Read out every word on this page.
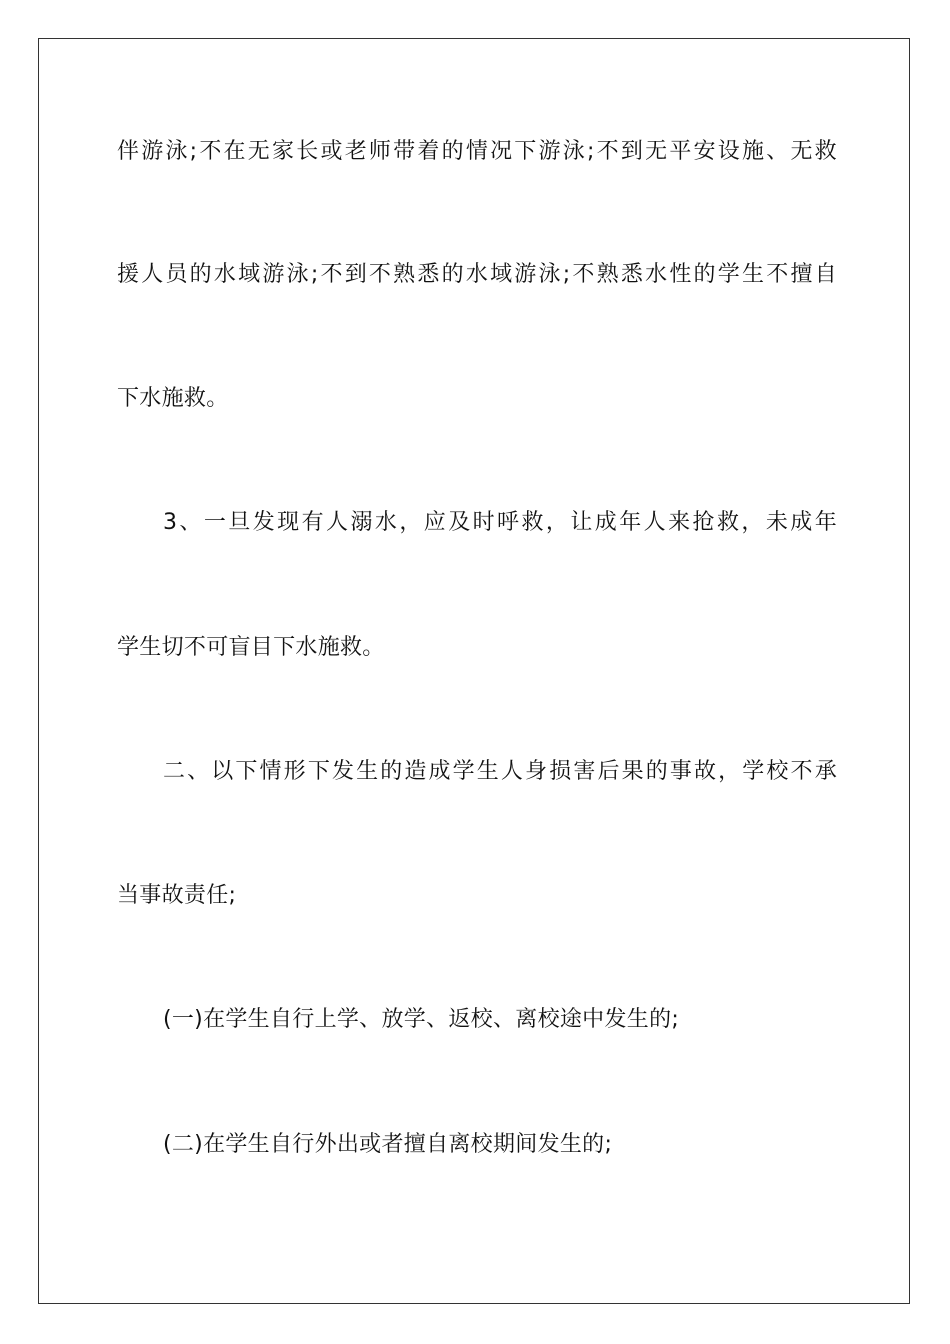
伴游泳;不在无家长或老师带着的情况下游泳;不到无平安设施、无救
援人员的水域游泳;不到不熟悉的水域游泳;不熟悉水性的学生不擅自
下水施救。
3、一旦发现有人溺水，应及时呼救，让成年人来抢救，未成年
学生切不可盲目下水施救。
二、以下情形下发生的造成学生人身损害后果的事故，学校不承
当事故责任;
(一)在学生自行上学、放学、返校、离校途中发生的;
(二)在学生自行外出或者擅自离校期间发生的;
